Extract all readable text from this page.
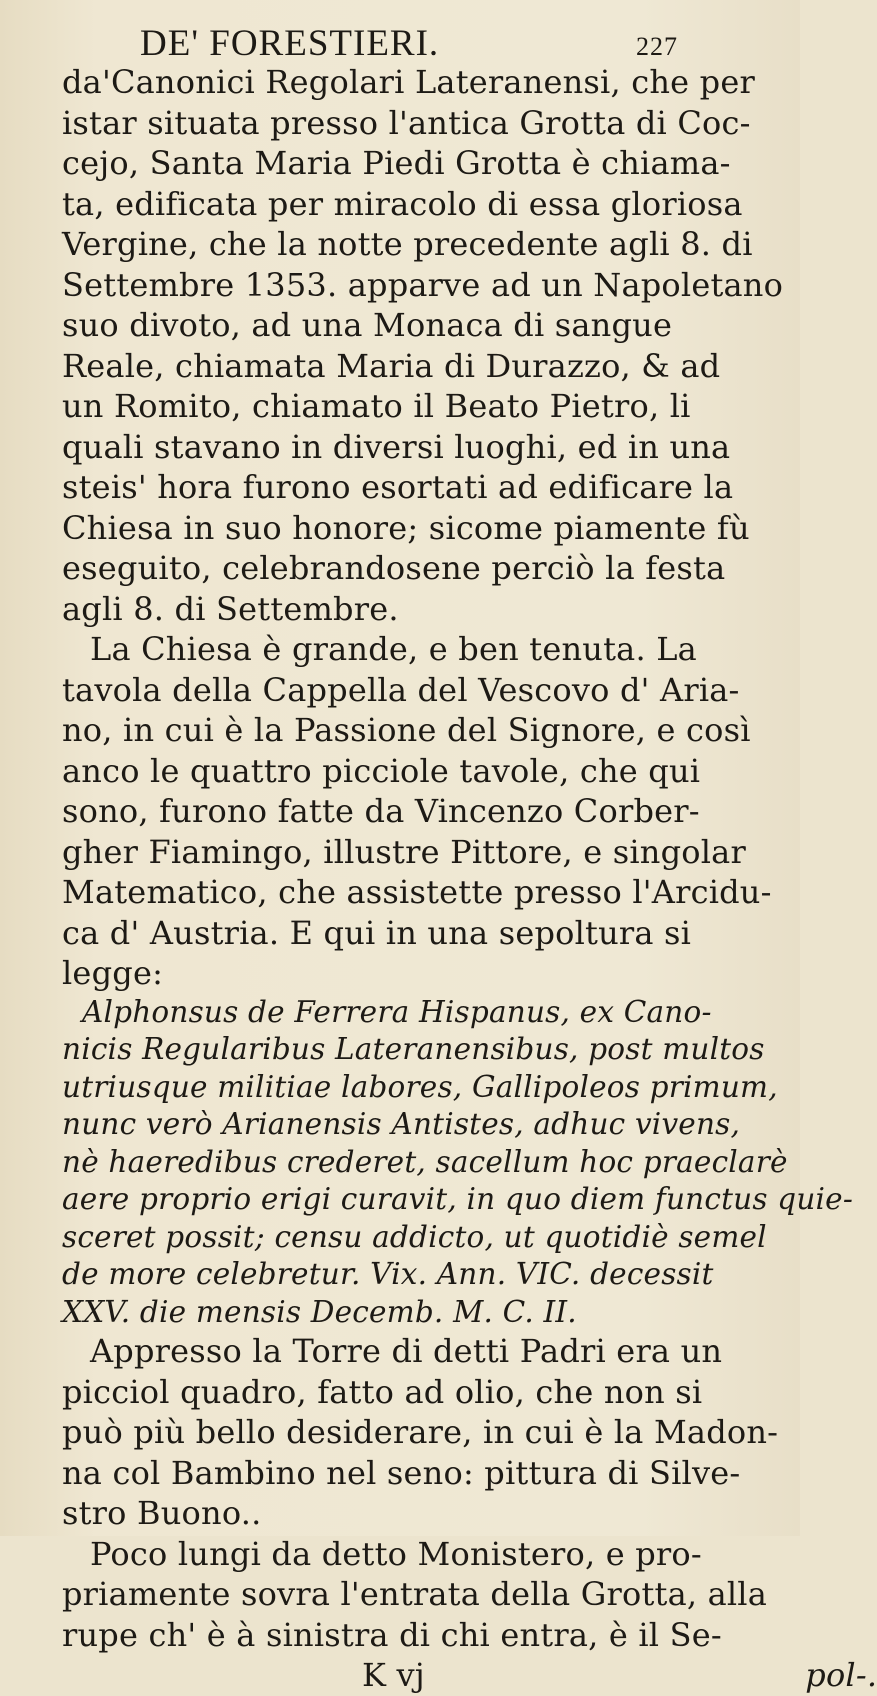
DE' FORESTIERI.	227
da'Canonici Regolari Lateranensi, che per
istar situata presso l'antica Grotta di Coc-
cejo, Santa Maria Piedi Grotta è chiama-
ta, edificata per miracolo di essa gloriosa
Vergine, che la notte precedente agli 8. di
Settembre 1353. apparve ad un Napoletano
suo divoto, ad una Monaca di sangue
Reale, chiamata Maria di Durazzo, & ad
un Romito, chiamato il Beato Pietro, li
quali stavano in diversi luoghi, ed in una
steis' hora furono esortati ad edificare la
Chiesa in suo honore; sicome piamente fù
eseguito, celebrandosene perciò la festa
agli 8. di Settembre.
La Chiesa è grande, e ben tenuta. La
tavola della Cappella del Vescovo d' Aria-
no, in cui è la Passione del Signore, e così
anco le quattro picciole tavole, che qui
sono, furono fatte da Vincenzo Corber-
gher Fiamingo, illustre Pittore, e singolar
Matematico, che assistette presso l'Arcidu-
ca d' Austria. E qui in una sepoltura si
legge:
Alphonsus de Ferrera Hispanus, ex Cano-
nicis Regularibus Lateranensibus, post multos
utriusque militiae labores, Gallipoleos primum,
nunc verò Arianensis Antistes, adhuc vivens,
nè haeredibus crederet, sacellum hoc praeclarè
aere proprio erigi curavit, in quo diem functus quie-
sceret possit; censu addicto, ut quotidiè semel
de more celebretur. Vix. Ann. VIC. decessit
XXV. die mensis Decemb. M. C. II.
Appresso la Torre di detti Padri era un
picciol quadro, fatto ad olio, che non si
può più bello desiderare, in cui è la Madon-
na col Bambino nel seno: pittura di Silve-
stro Buono..
Poco lungi da detto Monistero, e pro-
priamente sovra l'entrata della Grotta, alla
rupe ch' è à sinistra di chi entra, è il Se-
K vj	pol-.
